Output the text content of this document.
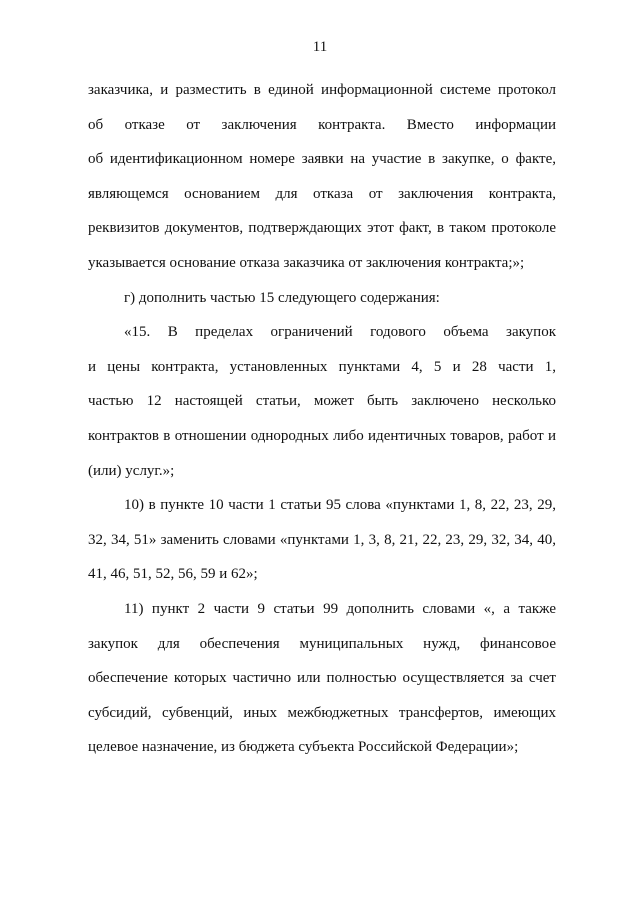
11

заказчика, и разместить в единой информационной системе протокол
об отказе от заключения контракта. Вместо информации
об идентификационном номере заявки на участие в закупке, о факте,
являющемся основанием для отказа от заключения контракта,
реквизитов документов, подтверждающих этот факт, в таком протоколе
указывается основание отказа заказчика от заключения контракта;»;

г) дополнить частью 15 следующего содержания:

«15. В пределах ограничений годового объема закупок
и цены контракта, установленных пунктами 4, 5 и 28 части 1,
частью 12 настоящей статьи, может быть заключено несколько
контрактов в отношении однородных либо идентичных товаров, работ и
(или) услуг.»;

10) в пункте 10 части 1 статьи 95 слова «пунктами 1, 8, 22, 23, 29,
32, 34, 51» заменить словами «пунктами 1, 3, 8, 21, 22, 23, 29, 32, 34, 40,
41, 46, 51, 52, 56, 59 и 62»;

11) пункт 2 части 9 статьи 99 дополнить словами «, а также
закупок для обеспечения муниципальных нужд, финансовое
обеспечение которых частично или полностью осуществляется за счет
субсидий, субвенций, иных межбюджетных трансфертов, имеющих
целевое назначение, из бюджета субъекта Российской Федерации»;
